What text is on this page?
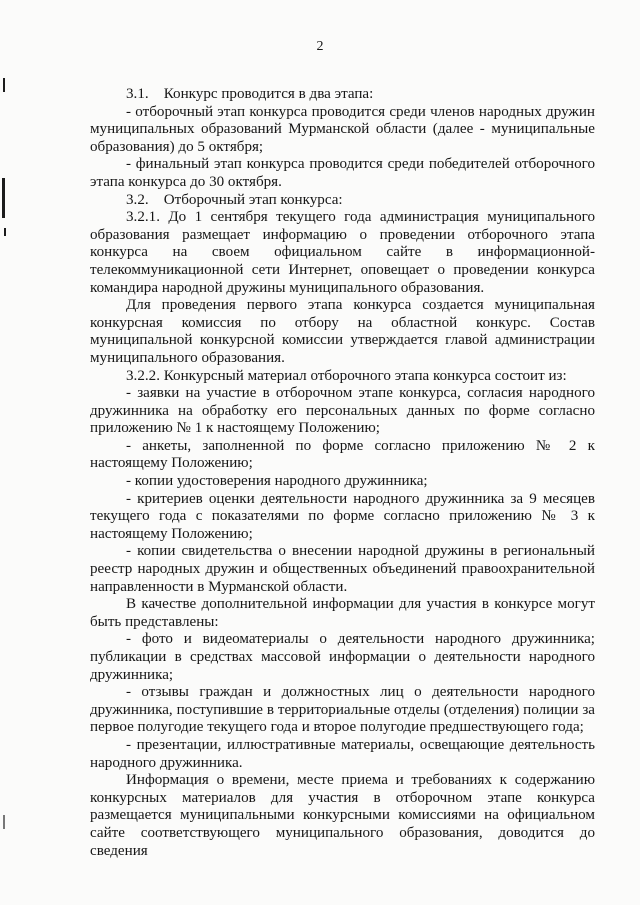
2

3.1.    Конкурс проводится в два этапа:

- отборочный этап конкурса проводится среди членов народных дружин муниципальных образований Мурманской области (далее - муниципальные образования) до 5 октября;

- финальный этап конкурса проводится среди победителей отборочного этапа конкурса до 30 октября.

3.2.    Отборочный этап конкурса:

3.2.1. До 1 сентября текущего года администрация муниципального образования размещает информацию о проведении отборочного этапа конкурса на своем официальном сайте в информационной-телекоммуникационной сети Интернет, оповещает о проведении конкурса командира народной дружины муниципального образования.

Для проведения первого этапа конкурса создается муниципальная конкурсная комиссия по отбору на областной конкурс. Состав муниципальной конкурсной комиссии утверждается главой администрации муниципального образования.

3.2.2. Конкурсный материал отборочного этапа конкурса состоит из:

- заявки на участие в отборочном этапе конкурса, согласия народного дружинника на обработку его персональных данных по форме согласно приложению № 1 к настоящему Положению;

- анкеты, заполненной по форме согласно приложению № 2 к настоящему Положению;

- копии удостоверения народного дружинника;

- критериев оценки деятельности народного дружинника за 9 месяцев текущего года с показателями по форме согласно приложению № 3 к настоящему Положению;

- копии свидетельства о внесении народной дружины в региональный реестр народных дружин и общественных объединений правоохранительной направленности в Мурманской области.

В качестве дополнительной информации для участия в конкурсе могут быть представлены:

- фото и видеоматериалы о деятельности народного дружинника; публикации в средствах массовой информации о деятельности народного дружинника;

- отзывы граждан и должностных лиц о деятельности народного дружинника, поступившие в территориальные отделы (отделения) полиции за первое полугодие текущего года и второе полугодие предшествующего года;

- презентации, иллюстративные материалы, освещающие деятельность народного дружинника.

Информация о времени, месте приема и требованиях к содержанию конкурсных материалов для участия в отборочном этапе конкурса размещается муниципальными конкурсными комиссиями на официальном сайте соответствующего муниципального образования, доводится до сведения
